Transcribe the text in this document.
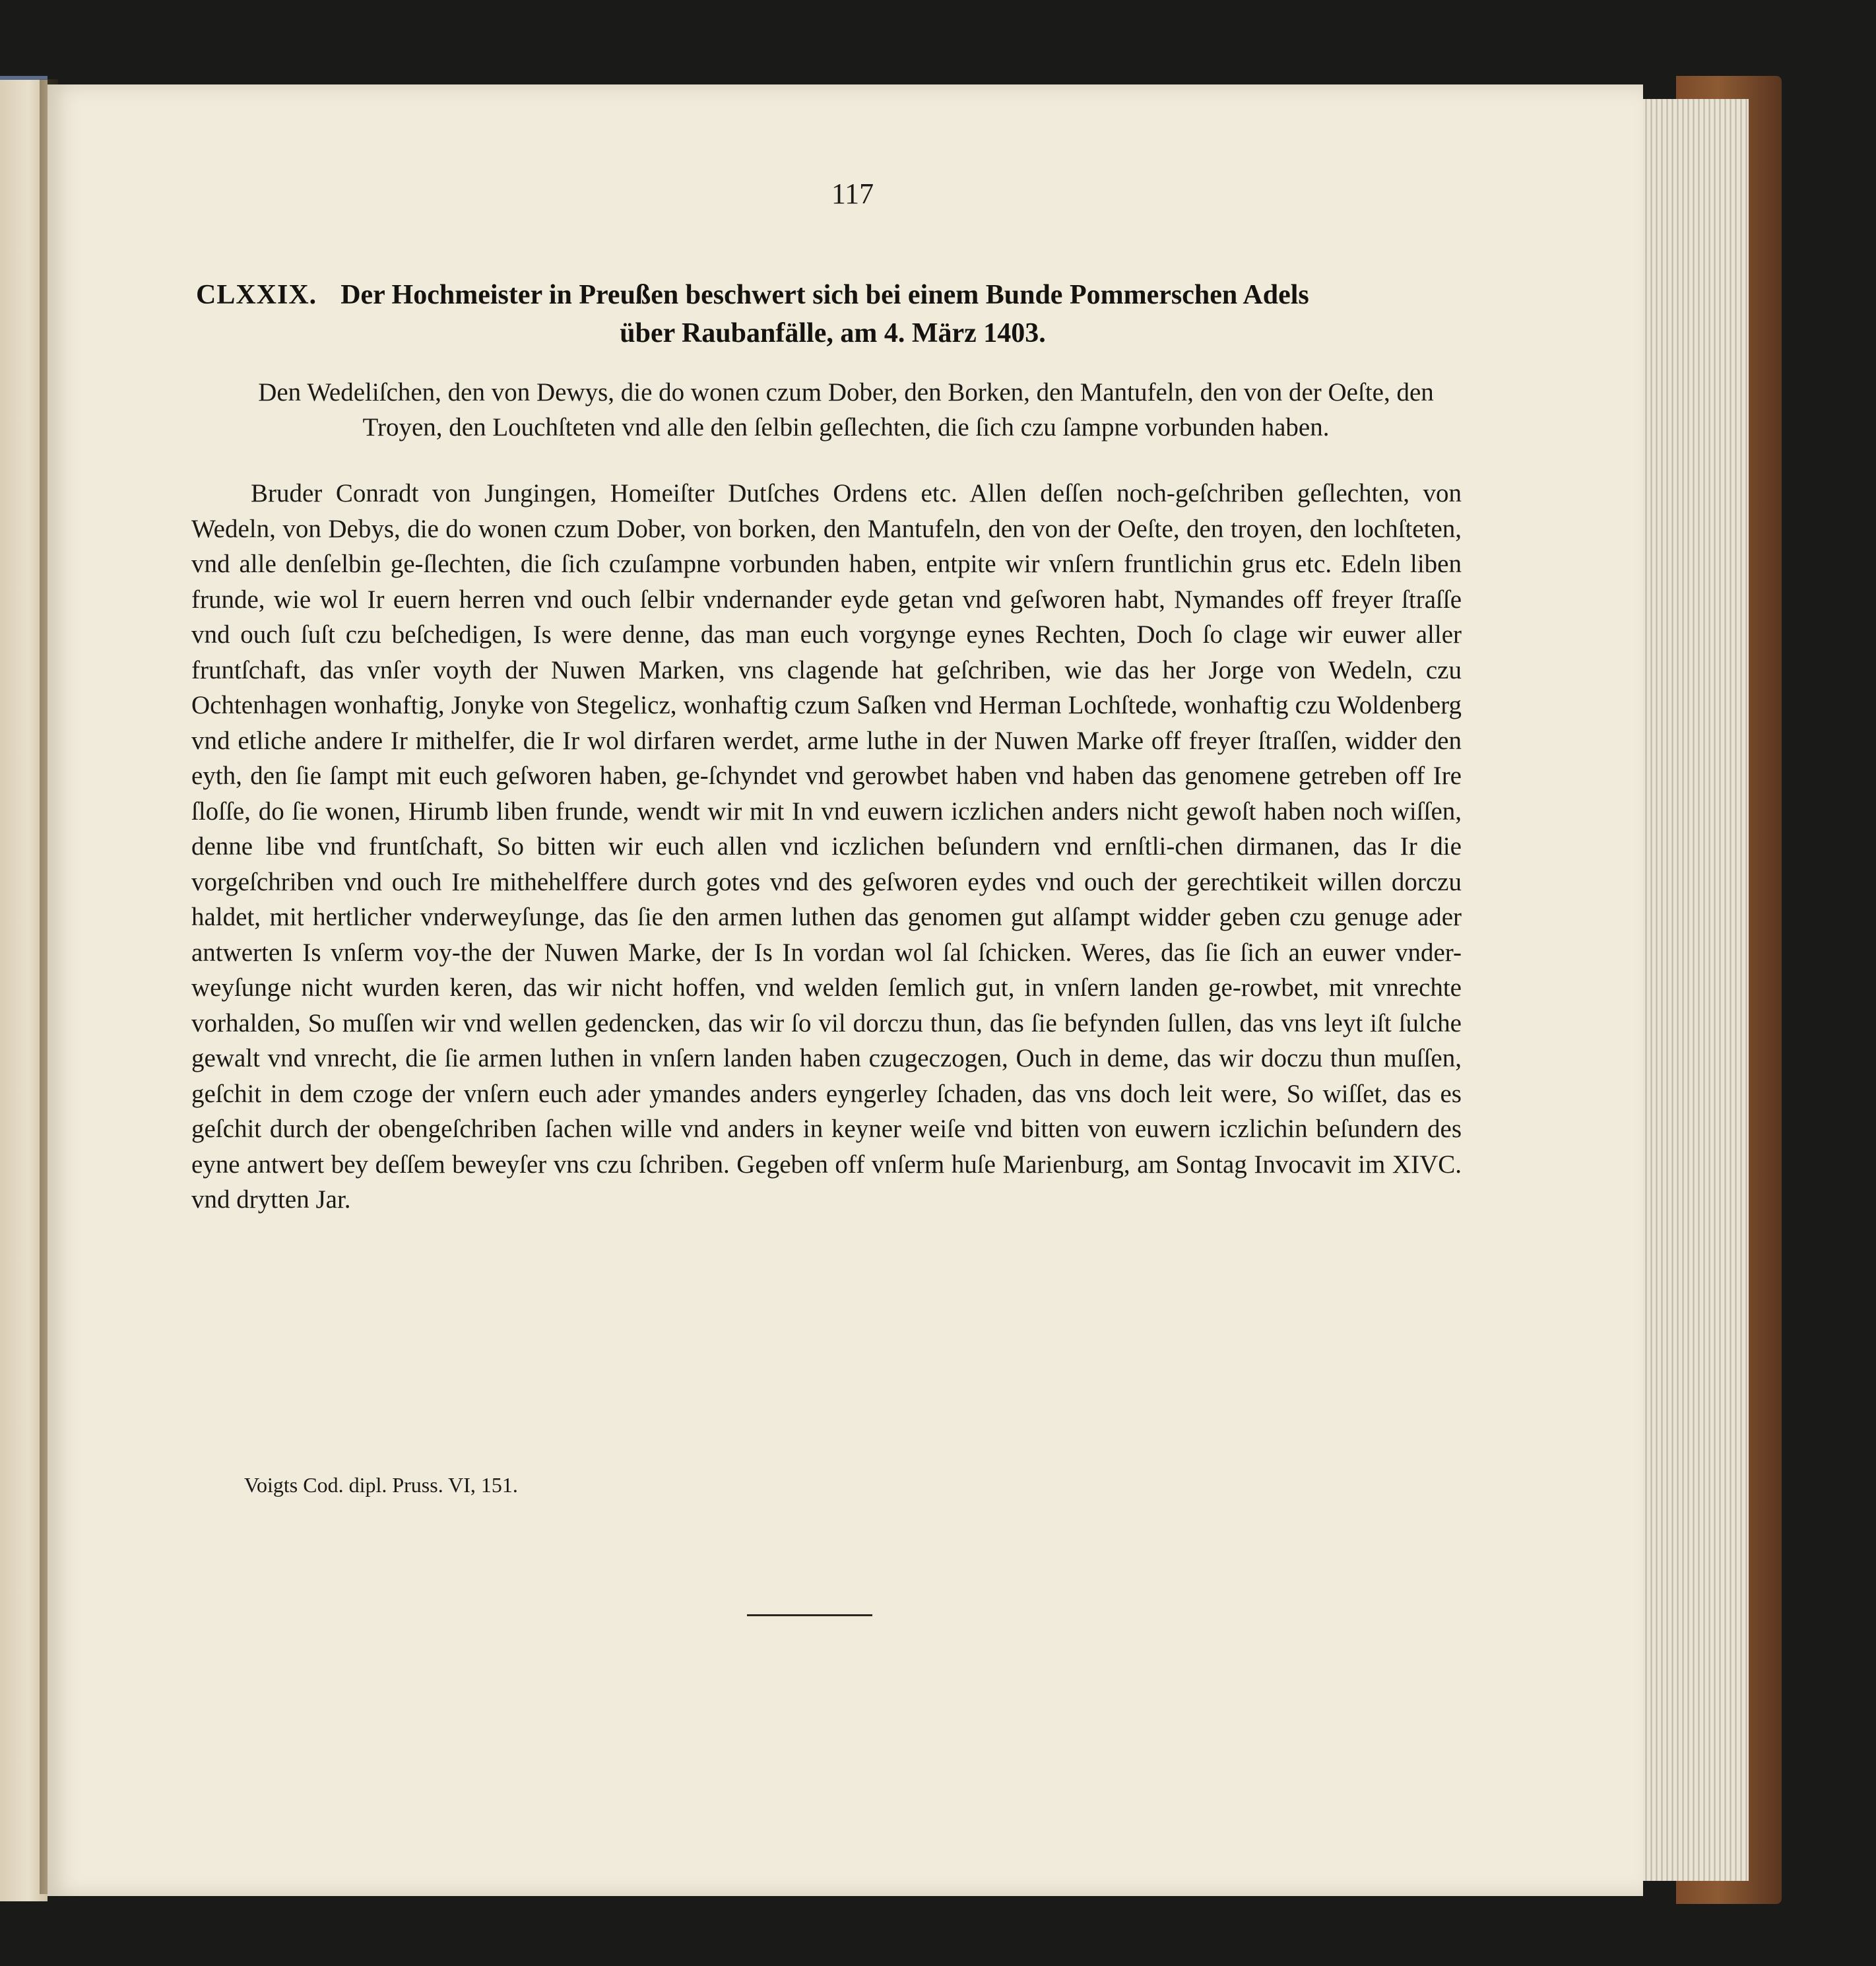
117
CLXXIX. Der Hochmeister in Preußen beschwert sich bei einem Bunde Pommerschen Adels
über Raubanfälle, am 4. März 1403.
Den Wedeliſchen, den von Dewys, die do wonen czum Dober, den Borken, den Mantufeln, den von der Oeſte, den Troyen, den Louchſteten vnd alle den ſelbin geſlechten, die ſich czu ſampne vorbunden haben.

Bruder Conradt von Jungingen, Homeiſter Dutſches Ordens etc. Allen deſſen noch-geſchriben geſlechten, von Wedeln, von Debys, die do wonen czum Dober, von borken, den Mantufeln, den von der Oeſte, den troyen, den lochſteten, vnd alle denſelbin ge-ſlechten, die ſich czuſampne vorbunden haben, entpite wir vnſern fruntlichin grus etc. Edeln liben frunde, wie wol Ir euern herren vnd ouch ſelbir vndernander eyde getan vnd geſworen habt, Nymandes off freyer ſtraſſe vnd ouch ſuſt czu beſchedigen, Is were denne, das man euch vorgynge eynes Rechten, Doch ſo clage wir euwer aller fruntſchaft, das vnſer voyth der Nuwen Marken, vns clagende hat geſchriben, wie das her Jorge von Wedeln, czu Ochtenhagen wonhaftig, Jonyke von Stegelicz, wonhaftig czum Saſken vnd Herman Lochſtede, wonhaftig czu Woldenberg vnd etliche andere Ir mithelfer, die Ir wol dirfaren werdet, arme luthe in der Nuwen Marke off freyer ſtraſſen, widder den eyth, den ſie ſampt mit euch geſworen haben, ge-ſchyndet vnd gerowbet haben vnd haben das genomene getreben off Ire ſloſſe, do ſie wonen, Hirumb liben frunde, wendt wir mit In vnd euwern iczlichen anders nicht gewoſt haben noch wiſſen, denne libe vnd fruntſchaft, So bitten wir euch allen vnd iczlichen beſundern vnd ernſtli-chen dirmanen, das Ir die vorgeſchriben vnd ouch Ire mithehelffere durch gotes vnd des geſworen eydes vnd ouch der gerechtikeit willen dorczu haldet, mit hertlicher vnderweyſunge, das ſie den armen luthen das genomen gut alſampt widder geben czu genuge ader antwerten Is vnſerm voy-the der Nuwen Marke, der Is In vordan wol ſal ſchicken. Weres, das ſie ſich an euwer vnder-weyſunge nicht wurden keren, das wir nicht hoffen, vnd welden ſemlich gut, in vnſern landen ge-rowbet, mit vnrechte vorhalden, So muſſen wir vnd wellen gedencken, das wir ſo vil dorczu thun, das ſie befynden ſullen, das vns leyt iſt ſulche gewalt vnd vnrecht, die ſie armen luthen in vnſern landen haben czugeczogen, Ouch in deme, das wir doczu thun muſſen, geſchit in dem czoge der vnſern euch ader ymandes anders eyngerley ſchaden, das vns doch leit were, So wiſſet, das es geſchit durch der obengeſchriben ſachen wille vnd anders in keyner weiſe vnd bitten von euwern iczlichin beſundern des eyne antwert bey deſſem beweyſer vns czu ſchriben. Gegeben off vnſerm huſe Marienburg, am Sontag Invocavit im XIVC. vnd drytten Jar.

Voigts Cod. dipl. Pruss. VI, 151.
